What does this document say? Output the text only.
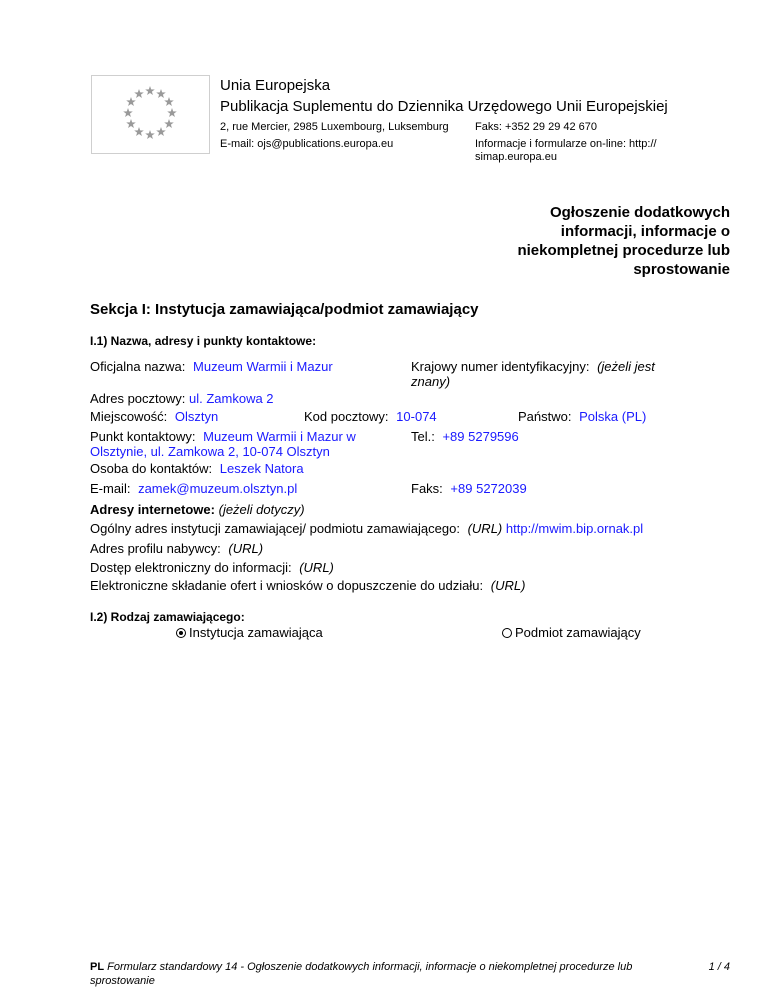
Unia Europejska
Publikacja Suplementu do Dziennika Urzędowego Unii Europejskiej
2, rue Mercier, 2985 Luxembourg, Luksemburg Faks: +352 29 29 42 670
E-mail: ojs@publications.europa.eu	Informacje i formularze on-line: http://
simap.europa.eu
Ogłoszenie dodatkowych
informacji, informacje o
niekompletnej procedurze lub
sprostowanie
Sekcja I: Instytucja zamawiająca/podmiot zamawiający
I.1) Nazwa, adresy i punkty kontaktowe:
Oficjalna nazwa: Muzeum Warmii i Mazur	Krajowy numer identyfikacyjny: (jeżeli jest
znany)
Adres pocztowy: ul. Zamkowa 2
Miejscowość: Olsztyn	Kod pocztowy: 10-074	Państwo: Polska (PL)
Punkt kontaktowy: Muzeum Warmii i Mazur w
Olsztynie, ul. Zamkowa 2, 10-074 Olsztyn
Tel.: +89 5279596
Osoba do kontaktów: Leszek Natora
E-mail: zamek@muzeum.olsztyn.pl	Faks: +89 5272039
Adresy internetowe: (jeżeli dotyczy)
Ogólny adres instytucji zamawiającej/ podmiotu zamawiającego: (URL) http://mwim.bip.ornak.pl
Adres profilu nabywcy: (URL)
Dostęp elektroniczny do informacji: (URL)
Elektroniczne składanie ofert i wniosków o dopuszczenie do udziału: (URL)
I.2) Rodzaj zamawiającego:
Instytucja zamawiająca	Podmiot zamawiający
PL Formularz standardowy 14 - Ogłoszenie dodatkowych informacji, informacje o niekompletnej procedurze lub
sprostowanie
1 / 4
